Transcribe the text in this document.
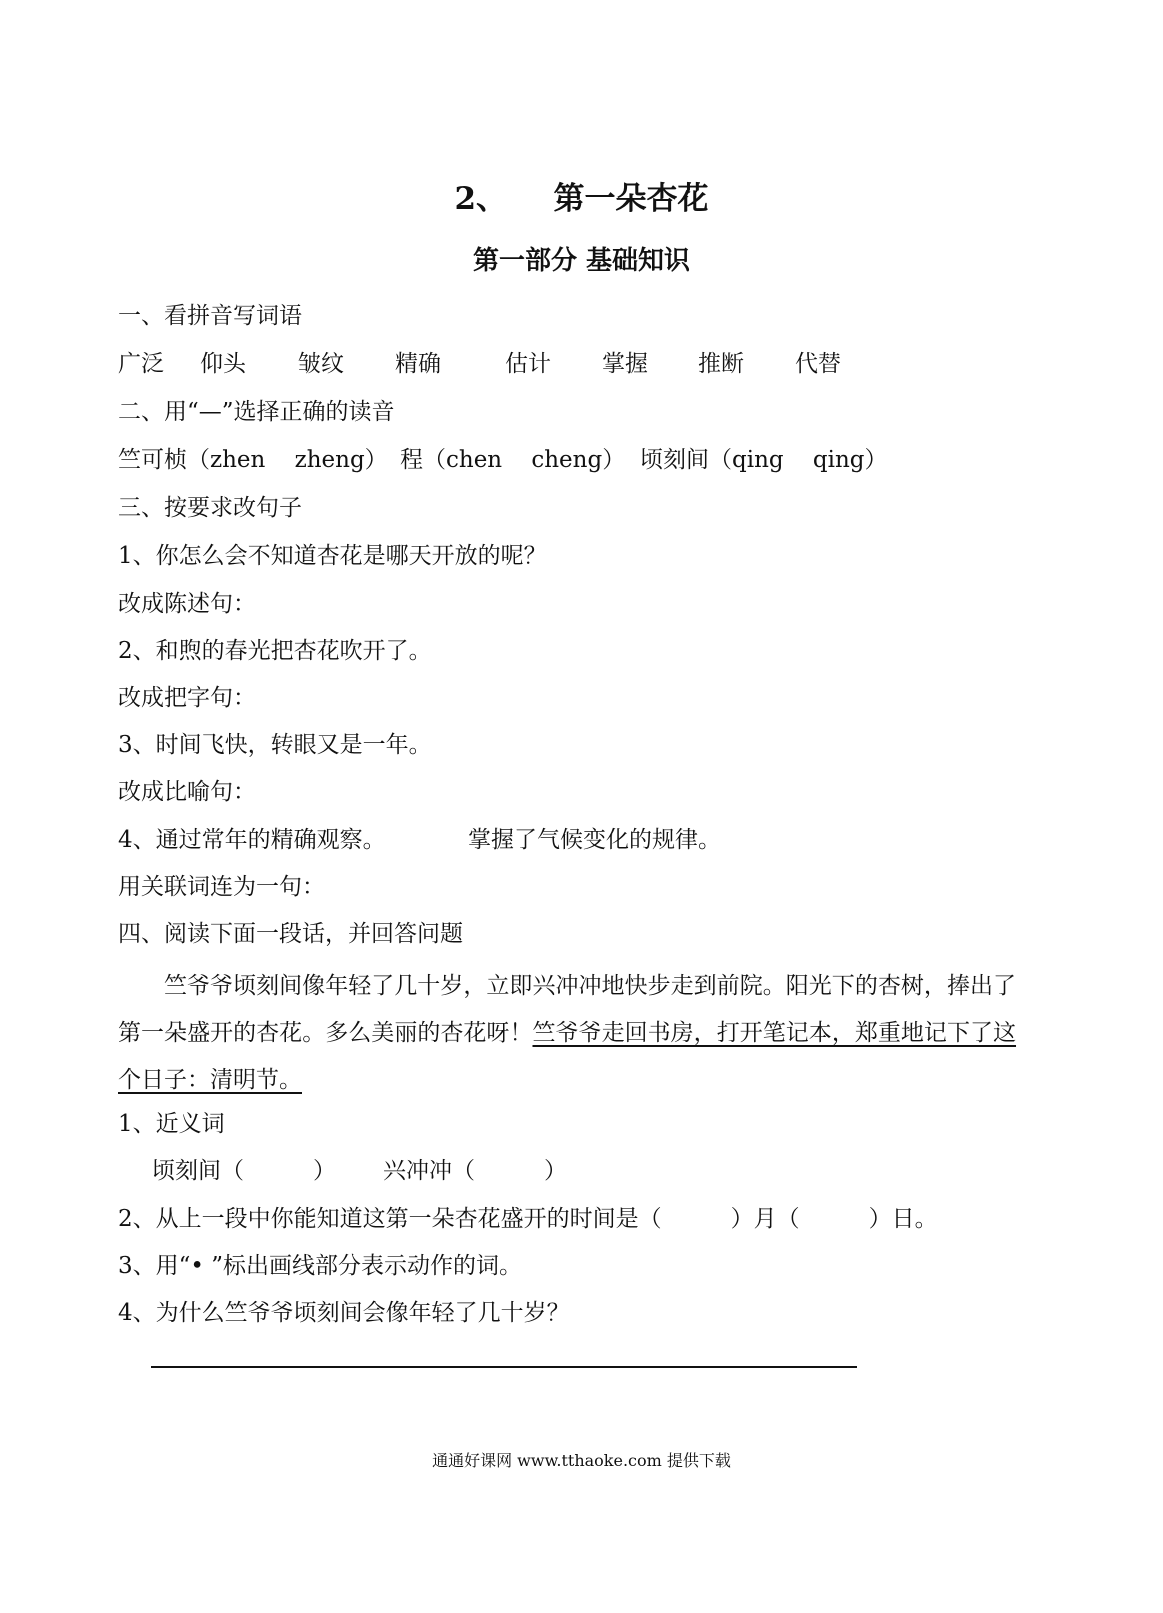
2、　　第一朵杏花
第一部分 基础知识
一、看拼音写词语
广泛 仰头 皱纹 精确	估计 掌握 推断 代替
二、用“—”选择正确的读音
竺可桢（zhen    zheng） 程（chen    cheng） 顷刻间（qing    qing）
三、按要求改句子
1、你怎么会不知道杏花是哪天开放的呢？
改成陈述句：
2、和煦的春光把杏花吹开了。
改成把字句：
3、时间飞快，转眼又是一年。
改成比喻句：
4、通过常年的精确观察。	掌握了气候变化的规律。
用关联词连为一句：
四、阅读下面一段话，并回答问题
竺爷爷顷刻间像年轻了几十岁，立即兴冲冲地快步走到前院。阳光下的杏树，捧出了第一朵盛开的杏花。多么美丽的杏花呀！竺爷爷走回书房，打开笔记本，郑重地记下了这个日子：清明节。
1、近义词
顷刻间（　　　） 兴冲冲（　　　）
2、从上一段中你能知道这第一朵杏花盛开的时间是（　　　）月（　　　）日。
3、用“• ”标出画线部分表示动作的词。
4、为什么竺爷爷顷刻间会像年轻了几十岁？
通通好课网 www.tthaoke.com 提供下载
